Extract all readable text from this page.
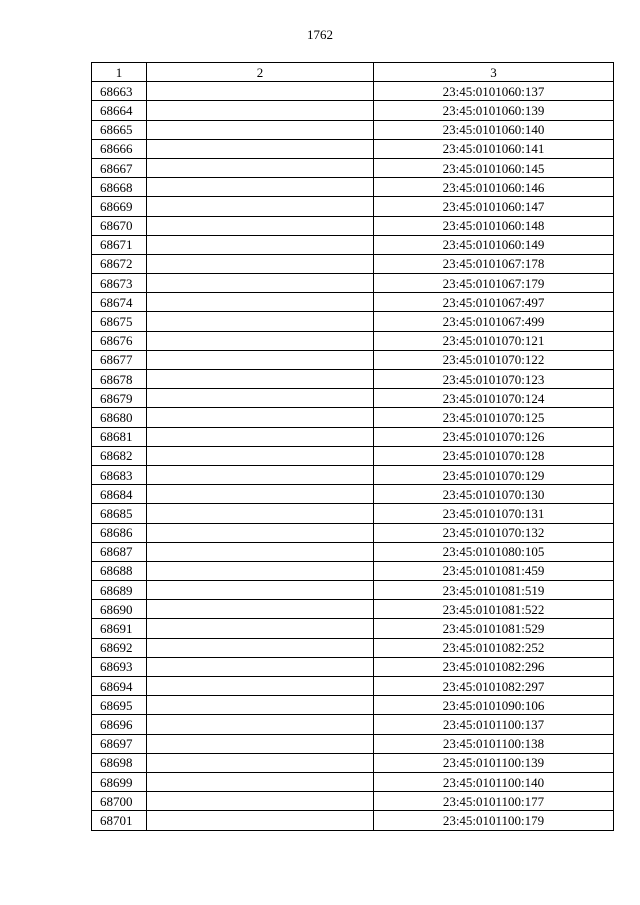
1762
1	2	3
68663		23:45:0101060:137
68664		23:45:0101060:139
68665		23:45:0101060:140
68666		23:45:0101060:141
68667		23:45:0101060:145
68668		23:45:0101060:146
68669		23:45:0101060:147
68670		23:45:0101060:148
68671		23:45:0101060:149
68672		23:45:0101067:178
68673		23:45:0101067:179
68674		23:45:0101067:497
68675		23:45:0101067:499
68676		23:45:0101070:121
68677		23:45:0101070:122
68678		23:45:0101070:123
68679		23:45:0101070:124
68680		23:45:0101070:125
68681		23:45:0101070:126
68682		23:45:0101070:128
68683		23:45:0101070:129
68684		23:45:0101070:130
68685		23:45:0101070:131
68686		23:45:0101070:132
68687		23:45:0101080:105
68688		23:45:0101081:459
68689		23:45:0101081:519
68690		23:45:0101081:522
68691		23:45:0101081:529
68692		23:45:0101082:252
68693		23:45:0101082:296
68694		23:45:0101082:297
68695		23:45:0101090:106
68696		23:45:0101100:137
68697		23:45:0101100:138
68698		23:45:0101100:139
68699		23:45:0101100:140
68700		23:45:0101100:177
68701		23:45:0101100:179
